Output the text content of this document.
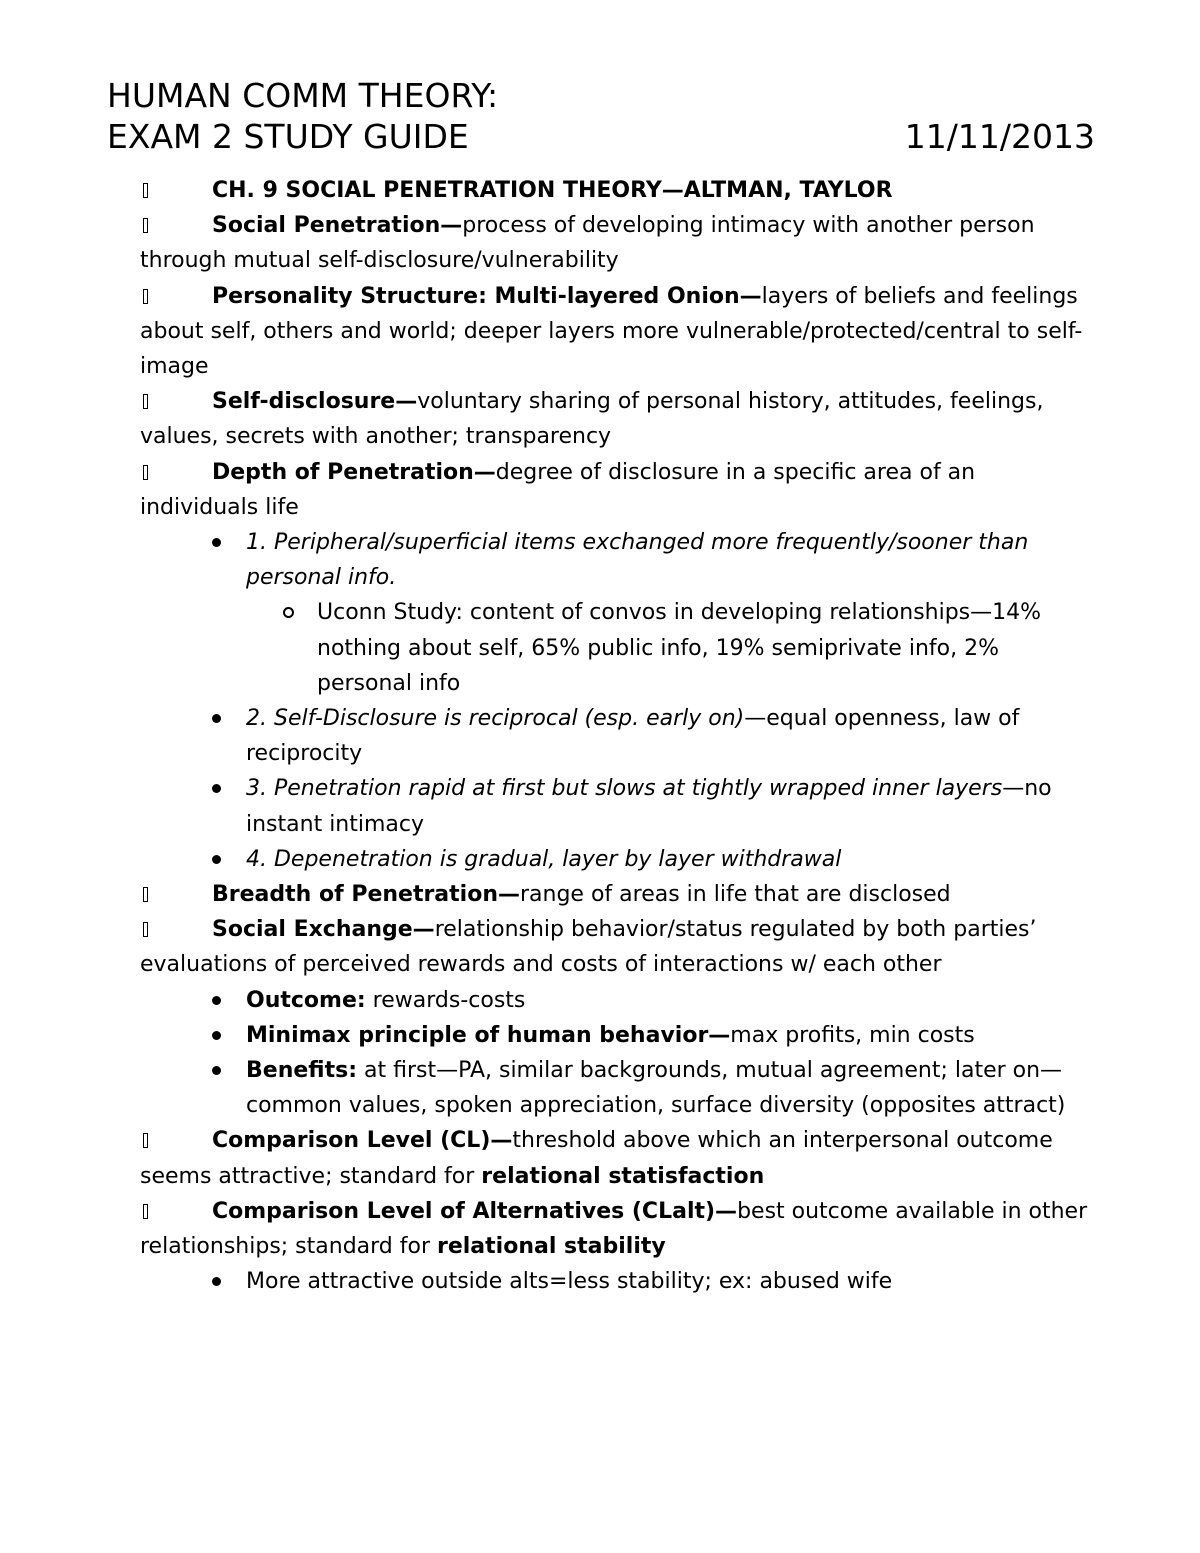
HUMAN COMM THEORY:
EXAM 2 STUDY GUIDE	11/11/2013
CH. 9 SOCIAL PENETRATION THEORY—ALTMAN, TAYLOR
Social Penetration—process of developing intimacy with another person through mutual self-disclosure/vulnerability
Personality Structure: Multi-layered Onion—layers of beliefs and feelings about self, others and world; deeper layers more vulnerable/protected/central to self-image
Self-disclosure—voluntary sharing of personal history, attitudes, feelings, values, secrets with another; transparency
Depth of Penetration—degree of disclosure in a specific area of an individuals life
1. Peripheral/superficial items exchanged more frequently/sooner than personal info.
Uconn Study: content of convos in developing relationships—14% nothing about self, 65% public info, 19% semiprivate info, 2% personal info
2. Self-Disclosure is reciprocal (esp. early on)—equal openness, law of reciprocity
3. Penetration rapid at first but slows at tightly wrapped inner layers—no instant intimacy
4. Depenetration is gradual, layer by layer withdrawal
Breadth of Penetration—range of areas in life that are disclosed
Social Exchange—relationship behavior/status regulated by both parties’ evaluations of perceived rewards and costs of interactions w/ each other
Outcome: rewards-costs
Minimax principle of human behavior—max profits, min costs
Benefits: at first—PA, similar backgrounds, mutual agreement; later on—common values, spoken appreciation, surface diversity (opposites attract)
Comparison Level (CL)—threshold above which an interpersonal outcome seems attractive; standard for relational statisfaction
Comparison Level of Alternatives (CLalt)—best outcome available in other relationships; standard for relational stability
More attractive outside alts=less stability; ex: abused wife
